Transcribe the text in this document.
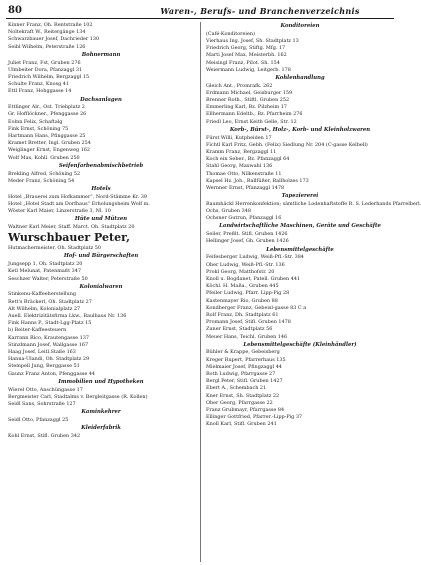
80	Waren-, Berufs- und Branchenverzeichnis
Kinner Franz, Oh. Rentstraße 102
Noltekraft W., Reitergänge 134
Schwarzbauer Josef, Dachrieder 130
Seibl Wilhelm, Peterstraße 126
Bohnermann
Juliet Franz, Fst, Gruben 276
Ulmbeiter Dora, Pfanzaggl 31
Friedrich Wilhelm, Bergzaggl 15
Schulte Franz, Knosg 41
Ettl Franz, Hohggasse 14
Dachsanlagen
Ettlinger Alr., Ost. Triebplatz 2
Gr. Hofflöckner., Pfenggasse 26
Eolnn Felix, Schaftalg
Fink Ernst, Schöning 75
Hartmann Hans, Pfinggasse 25
Kramet Bretter, Ingl. Gruben 254
Weiglinger Ernst, Engenweg 162
Wolf Max, Kohll. Gruben 250
Seifenfarbenabmischbetrieb
Brekling Alfred, Schöning 52
Meder Franz, Schöning 54
Hotels
Hotel „Brauerei zum Hofkammer“, Nord-Stämme Kr. 39
Hotel „Hotel Stadt am Dorfhaus“ Erholungsheim Wolf m.
Wöster Karl Maier, Linzerstraße 3, Nl. 10
Hüte und Mützen
Waltner Karl Meier, Staff. Marct. Oh. Stadtplatz 20
Wurschbauer Peter,
Hutmachermeister, Oh. Stadtplatz 50
Hof- und Bürgerschaften
Jungsepp 1, Oh. Stadtplatz 20
Ketl Melunat, Patenmaßt 347
Seschzer Walter, Peterstraße 50
Kolonialwaren
Stinkenu-Kaffeeherstellung
Rett's Bräckerl, Oh. Stadtplatz 27
Alt Wilhelm, Kolonialplatz 27
Auell. Elektrizitätsfirma Lkw., Baulhaus Nr. 136
Fink Hanns P., Stadt-Lgg-Platz 15
b) Reiter-Kaffeesteuern
Karrann Rico, Krautengasse 137
Stinzlmann Josef, Wallgasse 167
Haag Josef, Leitl.Staße 163
Hanna-Ulandi, Oh. Stadtplatz 29
Stempell Jung, Berggasse 51
Gaunz Franz Anton, Pfenggasse 44
Immobilien und Hypotheken
Wierel Otto, Anschüngasse 17
Bergmeister Carl, Stadtalms v. Bergleitgasse (R. Kollen)
Seidl Sans, Sohrstraße 127
Kaminkehrer
Seidl Otto, Pfanzaggl 25
Kleiderfabrik
Kohl Ernst, Stifl. Gruben 342
Konditoreien
(Café-Konditoreien)
Vierhaus Ing. Josef, Sh. Stadtplatz 13
Friedrich Georg, Stiftg. Mfg. 17
Marti Josef Max, Meisterbh. 162
Meisingl Franz, Pilot. Sh. 154
Weiermann Ludwig, Leitgerb. 178
Kohlenhandlung
Gleich Ant., Promrafk. 262
Erdmann Michael, Geisburger 159
Brenner Roth., Stiftl. Gruben 252
Emmerling Karl, Bz. Pilzheim 17
Ellhermann Edeltb., Bz. Pfarrheim 276
Friedl Leo, Ernst Keith Gelle, Str. 12
Korb-, Bürst-, Holz-, Korb- und Kleinholzwaren
Fürst Willi, Kutpheiden 17
Fichtl Karl Fritz, Gebh. (Felix) Siedlung Nr. 204 (C-gasse Kelbell)
Kramm Franz, Bergzaggl 11
Koch ein Seber., Bz. Pfanzaggl 64
Stahl Georg, Maxwahl 136
Thomae Otto, Nilkenstraße 11
Kapsel Hz. Joh., Ballfüßer, Ballholzes 173
Wernner Ernst, Pfanzaggl 1478
Tapeziererei
Baumhäckl Herrenkonfektion; sämtliche Lodenhaftstoffe R. S. Lederhands Pfarrelberl.
Ochs, Gruben 348
Ochsner Gutrun, Pfanzaggl 16
Landwirtschaftliche Maschinen, Geräte und Geschäfte
Seiler, Preßlt. Stifl. Gruben 1426
Hellinger Josef, Gh. Gruben 1426
Lebensmittelgeschäfte
Feifesberger Ludwig, Weiß-Pfl.-Str. 384
Ober Ludwig, Weiß-Pfl.-Str. 136
Prokl Georg, Matthofstr. 20
Knoll u. Bogdanet, Patell. Gruben 441
Köchl. H. Maßa., Gruben 445
Pfeiler Ludwig, Pfarr. Lipp-Pig 28
Kastenmayer Rio, Gruben 88
Kondberger Franz, Gebeisl-gasse 83 C a
Rolf Franz, Dh. Stadtplatz 61
Promann Josef, Stifl. Gruben 1478
Zuner Ernst, Stadtplatz 56
Meuer Hans, Teichl. Gruben 146
Lebensmittelgeschäfte (Kleinhändler)
Bühler & Krappe, Gebeisberg
Kreger Rupert, Pfarrerhaus 135
Mielmaier Josef, Pfingzaggl 44
Roth Ludwig, Pfarrgasse 27
Bergl Peter, Stifl. Gruben 1427
Ebert A., Schembach 21
Kner Ernst, Sh. Stadtplatz 22
Ober Georg, Pfarrgasse 22
Franz Grubmayr, Pfarrgasse 84
Ellinger Gottfried, Pfarrer.-Lipp-Pig 37
Knoll Karl, Stifl. Gruben 241
